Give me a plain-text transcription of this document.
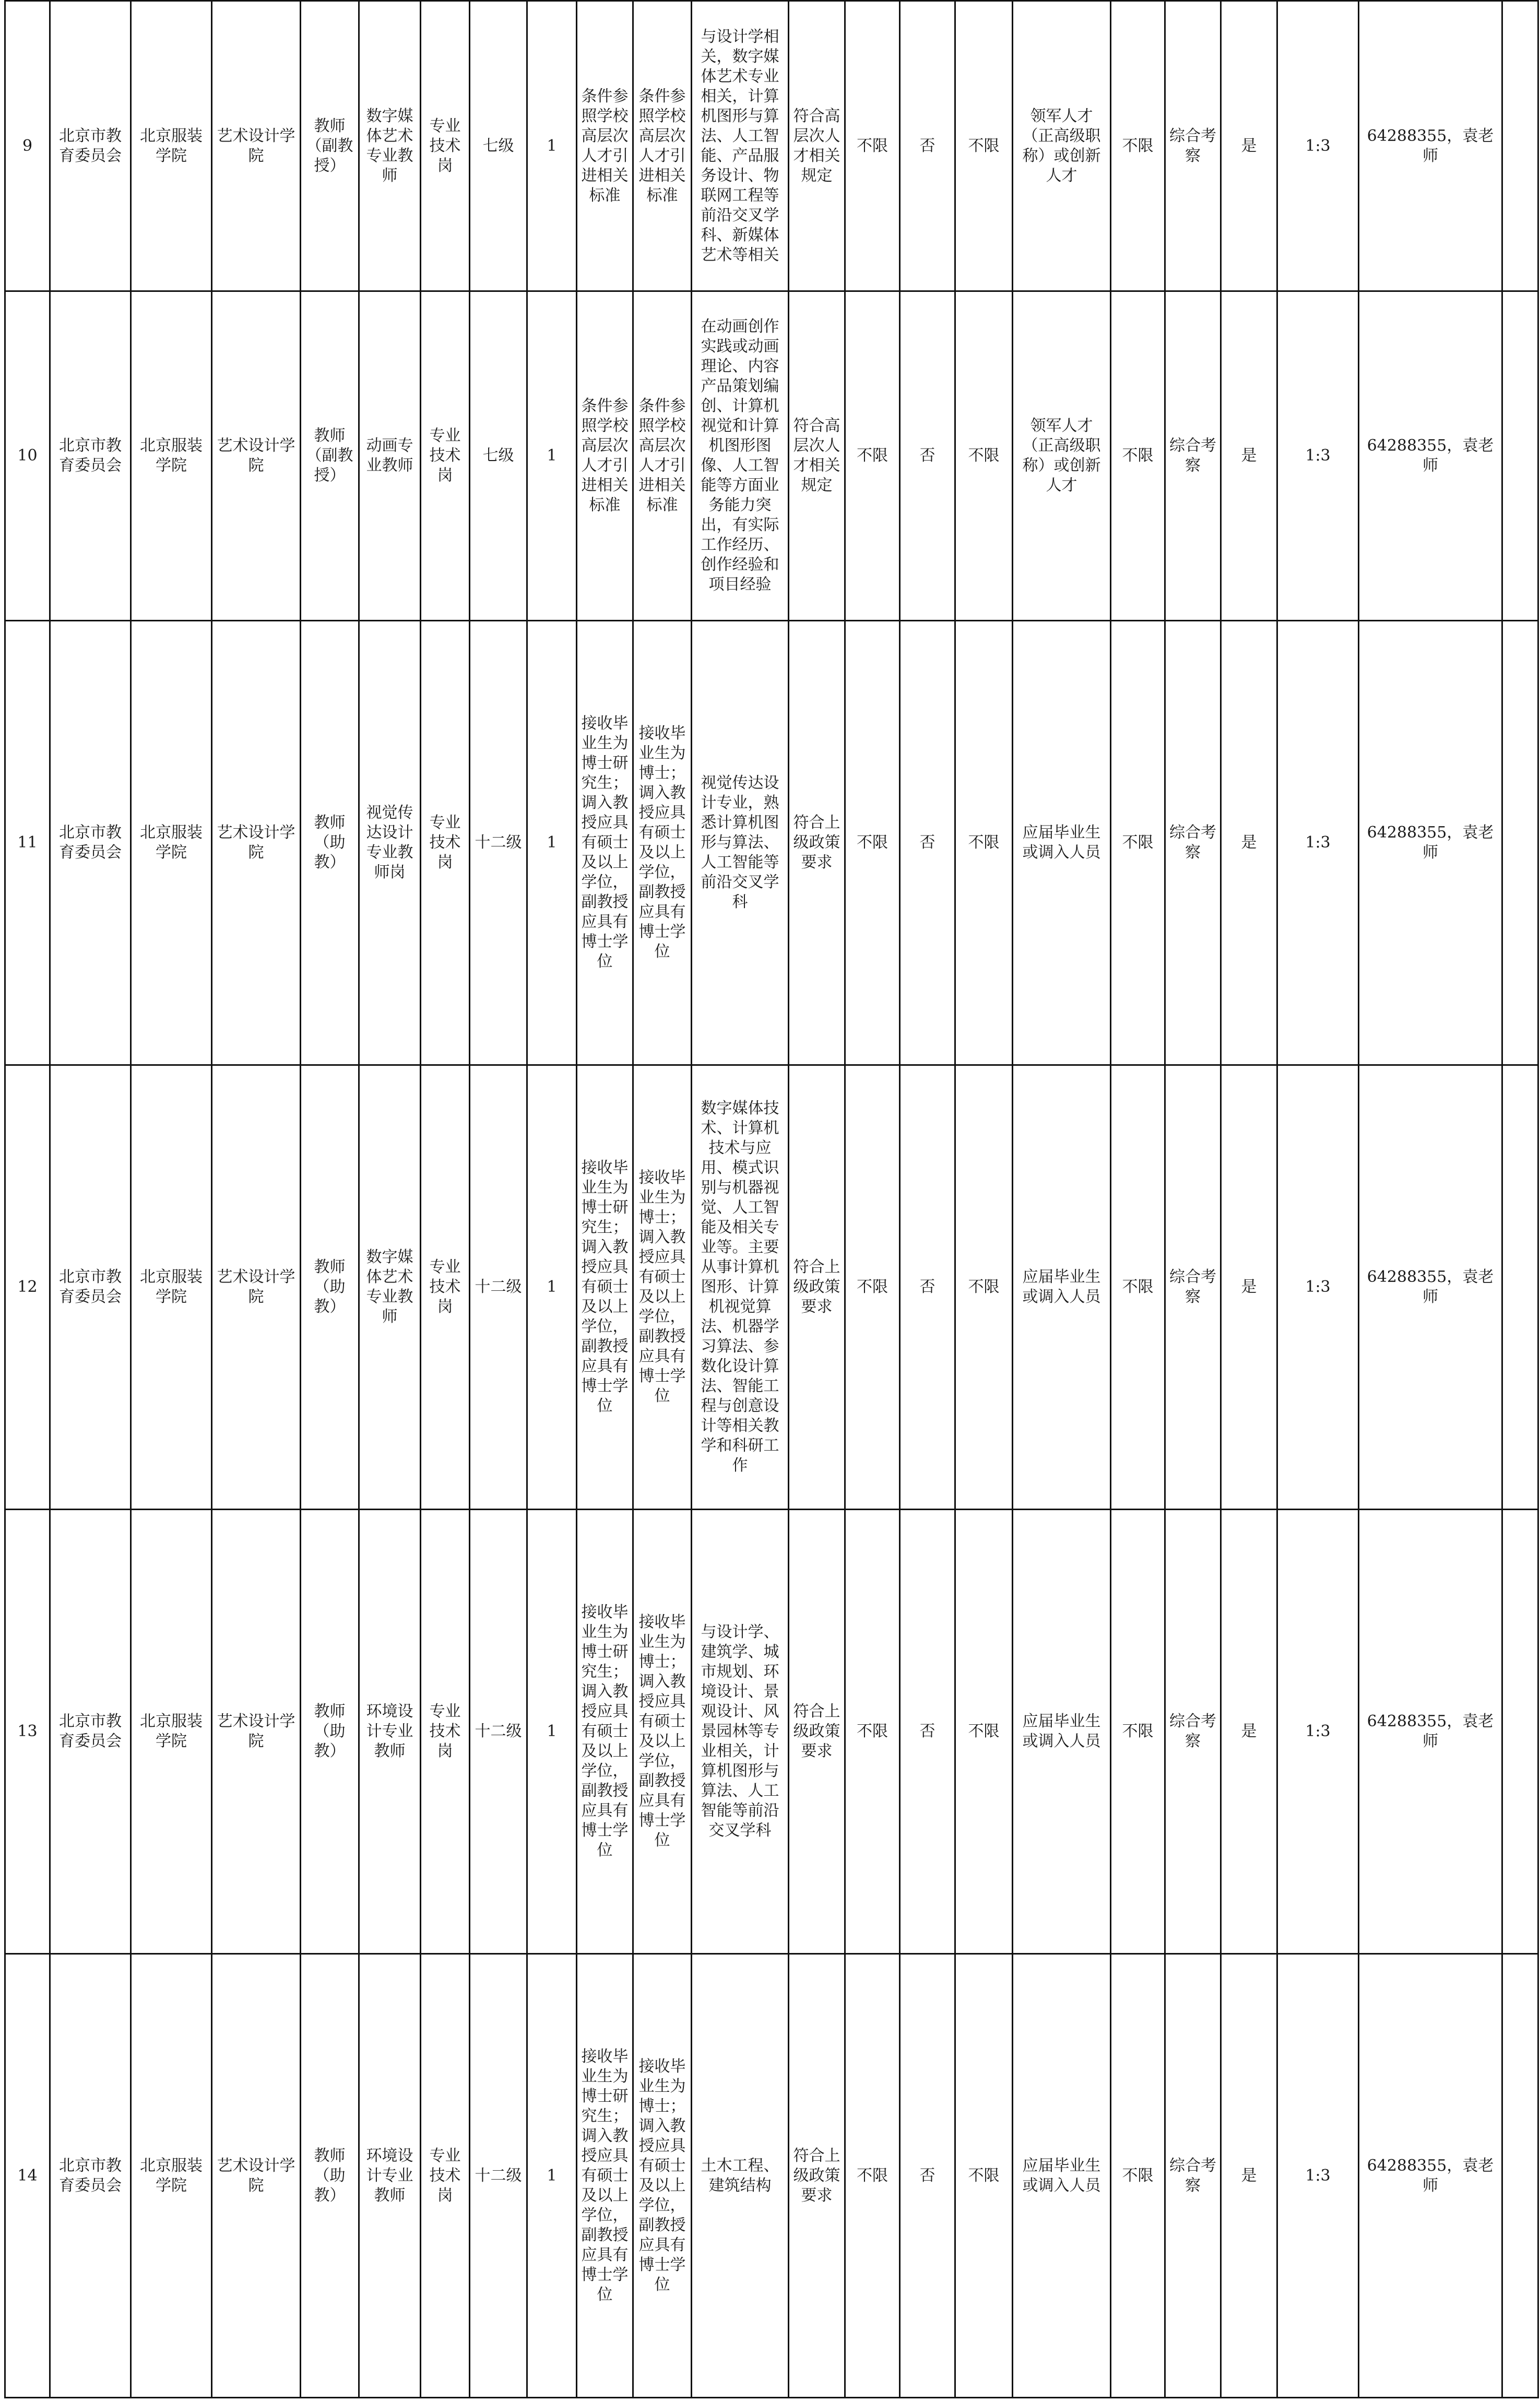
9	北京市教育委员会	北京服装学院	艺术设计学院	教师（副教授）	数字媒体艺术专业教师	专业技术岗	七级	1	条件参照学校高层次人才引进相关标准	条件参照学校高层次人才引进相关标准	与设计学相关，数字媒体艺术专业相关，计算机图形与算法、人工智能、产品服务设计、物联网工程等前沿交叉学科、新媒体艺术等相关	符合高层次人才相关规定	不限	否	不限	领军人才（正高级职称）或创新人才	不限	综合考察	是	1:3	64288355，袁老师	
10	北京市教育委员会	北京服装学院	艺术设计学院	教师（副教授）	动画专业教师	专业技术岗	七级	1	条件参照学校高层次人才引进相关标准	条件参照学校高层次人才引进相关标准	在动画创作实践或动画理论、内容产品策划编创、计算机视觉和计算机图形图像、人工智能等方面业务能力突出，有实际工作经历、创作经验和项目经验	符合高层次人才相关规定	不限	否	不限	领军人才（正高级职称）或创新人才	不限	综合考察	是	1:3	64288355，袁老师	
11	北京市教育委员会	北京服装学院	艺术设计学院	教师（助教）	视觉传达设计专业教师岗	专业技术岗	十二级	1	接收毕业生为博士研究生；调入教授应具有硕士及以上学位，副教授应具有博士学位	接收毕业生为博士；调入教授应具有硕士及以上学位，副教授应具有博士学位	视觉传达设计专业，熟悉计算机图形与算法、人工智能等前沿交叉学科	符合上级政策要求	不限	否	不限	应届毕业生或调入人员	不限	综合考察	是	1:3	64288355，袁老师	
12	北京市教育委员会	北京服装学院	艺术设计学院	教师（助教）	数字媒体艺术专业教师	专业技术岗	十二级	1	接收毕业生为博士研究生；调入教授应具有硕士及以上学位，副教授应具有博士学位	接收毕业生为博士；调入教授应具有硕士及以上学位，副教授应具有博士学位	数字媒体技术、计算机技术与应用、模式识别与机器视觉、人工智能及相关专业等。主要从事计算机图形、计算机视觉算法、机器学习算法、参数化设计算法、智能工程与创意设计等相关教学和科研工作	符合上级政策要求	不限	否	不限	应届毕业生或调入人员	不限	综合考察	是	1:3	64288355，袁老师	
13	北京市教育委员会	北京服装学院	艺术设计学院	教师（助教）	环境设计专业教师	专业技术岗	十二级	1	接收毕业生为博士研究生；调入教授应具有硕士及以上学位，副教授应具有博士学位	接收毕业生为博士；调入教授应具有硕士及以上学位，副教授应具有博士学位	与设计学、建筑学、城市规划、环境设计、景观设计、风景园林等专业相关，计算机图形与算法、人工智能等前沿交叉学科	符合上级政策要求	不限	否	不限	应届毕业生或调入人员	不限	综合考察	是	1:3	64288355，袁老师	
14	北京市教育委员会	北京服装学院	艺术设计学院	教师（助教）	环境设计专业教师	专业技术岗	十二级	1	接收毕业生为博士研究生；调入教授应具有硕士及以上学位，副教授应具有博士学位	接收毕业生为博士；调入教授应具有硕士及以上学位，副教授应具有博士学位	土木工程、建筑结构	符合上级政策要求	不限	否	不限	应届毕业生或调入人员	不限	综合考察	是	1:3	64288355，袁老师	
